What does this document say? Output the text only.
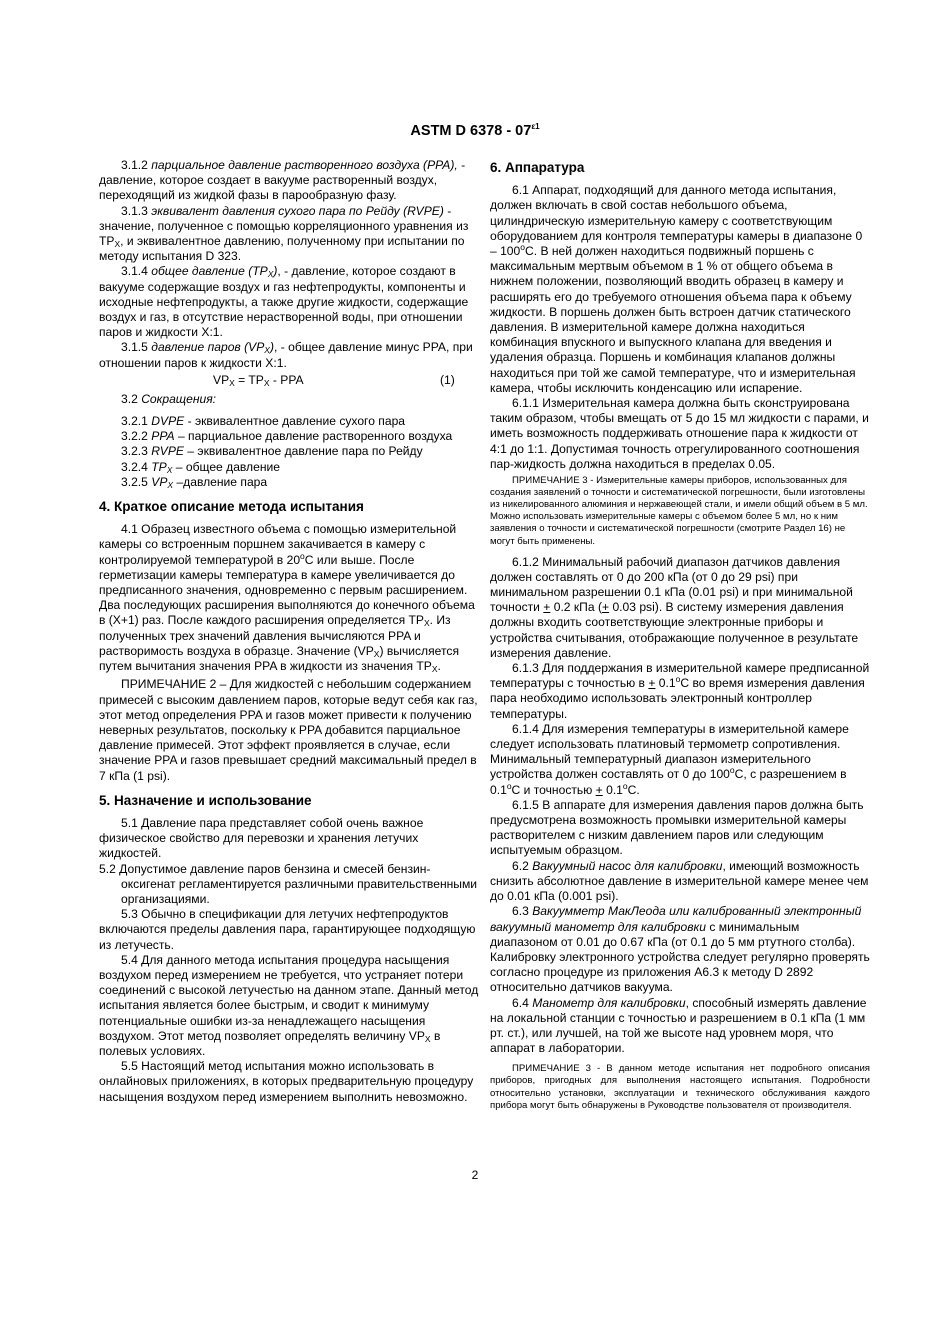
ASTM D $6378 - 07^{\varepsilon 1}$

3.1.2 парциальное давление растворенного воздуха (PPA), - давление, которое создает в вакууме растворенный воздух, переходящий из жидкой фазы в парообразную фазу.

3.1.3 эквивалент давления сухого пара по Рейду (RVPE) - значение, полученное с помощью корреляционного уравнения из $TP_X$, и эквивалентное давлению, полученному при испытании по методу испытания D 323.

3.1.4 общее давление $(TP_X)$, - давление, которое создают в вакууме содержащие воздух и газ нефтепродукты, компоненты и исходные нефтепродукты, а также другие жидкости, содержащие воздух и газ, в отсутствие нерастворенной воды, при отношении паров и жидкости X:1.

3.1.5 давление паров $(VP_X)$, - общее давление минус PPA, при отношении паров к жидкости X:1.

$VP_X = TP_X$ - PPA	(1)

3.2 Сокращения:

3.2.1 DVPE - эквивалентное давление сухого пара

3.2.2 PPA – парциальное давление растворенного воздуха

3.2.3 RVPE – эквивалентное давление пара по Рейду

3.2.4 $TP_X$ – общее давление

3.2.5 $VP_X$ –давление пара

4. Краткое описание метода испытания

4.1 Образец известного объема с помощью измерительной камеры со встроенным поршнем закачивается в камеру с контролируемой температурой в 20$^o$C или выше. После герметизации камеры температура в камере увеличивается до предписанного значения, одновременно с первым расширением. Два последующих расширения выполняются до конечного объема в (X+1) раз. После каждого расширения определяется $TP_X$. Из полученных трех значений давления вычисляются PPA и растворимость воздуха в образце. Значение $(VP_X)$ вычисляется путем вычитания значения PPA в жидкости из значения $TP_X$.

ПРИМЕЧАНИЕ 2 – Для жидкостей с небольшим содержанием примесей с высоким давлением паров, которые ведут себя как газ, этот метод определения PPA и газов может привести к получению неверных результатов, поскольку к PPA добавится парциальное давление примесей. Этот эффект проявляется в случае, если значение PPA и газов превышает средний максимальный предел в 7 кПа (1 psi).

5. Назначение и использование

5.1 Давление пара представляет собой очень важное физическое свойство для перевозки и хранения летучих жидкостей.

5.2 Допустимое давление паров бензина и смесей бензин-оксигенат регламентируется различными правительственными организациями.

5.3 Обычно в спецификации для летучих нефтепродуктов включаются пределы давления пара, гарантирующее подходящую из летучесть.

5.4 Для данного метода испытания процедура насыщения воздухом перед измерением не требуется, что устраняет потери соединений с высокой летучестью на данном этапе. Данный метод испытания является более быстрым, и сводит к минимуму потенциальные ошибки из-за ненадлежащего насыщения воздухом. Этот метод позволяет определять величину $VP_X$ в полевых условиях.

5.5 Настоящий метод испытания можно использовать в онлайновых приложениях, в которых предварительную процедуру насыщения воздухом перед измерением выполнить невозможно.

6. Аппаратура

6.1 Аппарат, подходящий для данного метода испытания, должен включать в свой состав небольшого объема, цилиндрическую измерительную камеру с соответствующим оборудованием для контроля температуры камеры в диапазоне 0 – 100$^o$C. В ней должен находиться подвижный поршень с максимальным мертвым объемом в 1 % от общего объема в нижнем положении, позволяющий вводить образец в камеру и расширять его до требуемого отношения объема пара к объему жидкости. В поршень должен быть встроен датчик статического давления. В измерительной камере должна находиться комбинация впускного и выпускного клапана для введения и удаления образца. Поршень и комбинация клапанов должны находиться при той же самой температуре, что и измерительная камера, чтобы исключить конденсацию или испарение.

6.1.1 Измерительная камера должна быть сконструирована таким образом, чтобы вмещать от 5 до 15 мл жидкости с парами, и иметь возможность поддерживать отношение пара к жидкости от 4:1 до 1:1. Допустимая точность отрегулированного соотношения пар-жидкость должна находиться в пределах 0.05.

ПРИМЕЧАНИЕ 3 - Измерительные камеры приборов, использованных для создания заявлений о точности и систематической погрешности, были изготовлены из никелированного алюминия и нержавеющей стали, и имели общий объем в 5 мл. Можно использовать измерительные камеры с объемом более 5 мл, но к ним заявления о точности и систематической погрешности (смотрите Раздел 16) не могут быть применены.

6.1.2 Минимальный рабочий диапазон датчиков давления должен составлять от 0 до 200 кПа (от 0 до 29 psi) при минимальном разрешении 0.1 кПа (0.01 psi) и при минимальной точности + 0.2 кПа (+ 0.03 psi). В систему измерения давления должны входить соответствующие электронные приборы и устройства считывания, отображающие полученное в результате измерения давление.

6.1.3 Для поддержания в измерительной камере предписанной температуры с точностью $в + 0.1^oC$ во время измерения давления пара необходимо использовать электронный контроллер температуры.

6.1.4 Для измерения температуры в измерительной камере следует использовать платиновый термометр сопротивления. Минимальный температурный диапазон измерительного устройства должен составлять от 0 до 100$^o$C, с разрешением в 0.1$^o$C и точностью + $0.1^oC$.

6.1.5 В аппарате для измерения давления паров должна быть предусмотрена возможность промывки измерительной камеры растворителем с низким давлением паров или следующим испытуемым образцом.

6.2 Вакуумный насос для калибровки, имеющий возможность снизить абсолютное давление в измерительной камере менее чем до 0.01 кПа (0.001 psi).

6.3 Вакуумметр МакЛеода или калиброванный электронный вакуумный манометр для калибровки с минимальным диапазоном от 0.01 до 0.67 кПа (от 0.1 до 5 мм ртутного столба). Калибровку электронного устройства следует регулярно проверять согласно процедуре из приложения A6.3 к методу D 2892 относительно датчиков вакуума.

6.4 Манометр для калибровки, способный измерять давление на локальной станции с точностью и разрешением в 0.1 кПа (1 мм рт. ст.), или лучшей, на той же высоте над уровнем моря, что аппарат в лаборатории.

ПРИМЕЧАНИЕ 3 - В данном методе испытания нет подробного описания приборов, пригодных для выполнения настоящего испытания. Подробности относительно установки, эксплуатации и технического обслуживания каждого прибора могут быть обнаружены в Руководстве пользователя от производителя.

2
